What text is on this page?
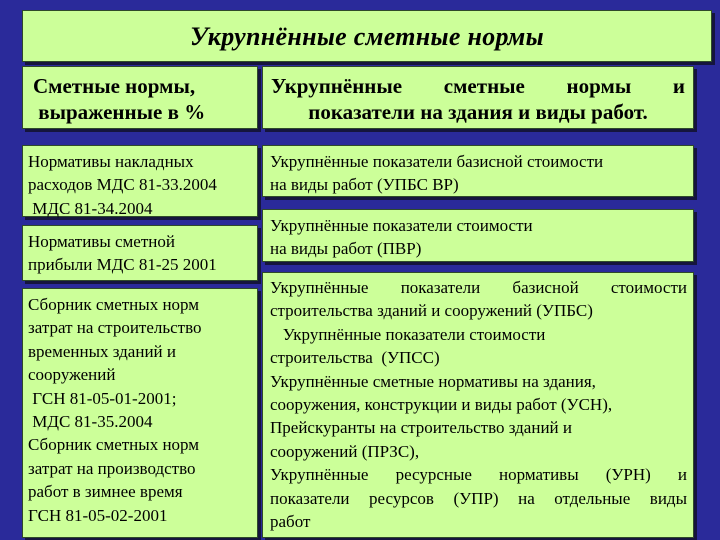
Укрупнённые сметные нормы
Сметные нормы,
выраженные в %
Укрупнённые сметные нормы и
показатели на здания и виды работ.
Нормативы накладных
расходов МДС 81-33.2004
МДС 81-34.2004
Нормативы сметной
прибыли МДС 81-25 2001
Сборник сметных норм
затрат на строительство
временных зданий и
сооружений
ГСН 81-05-01-2001;
МДС 81-35.2004
Сборник сметных норм
затрат на производство
работ в зимнее время
ГСН 81-05-02-2001
Укрупнённые показатели базисной стоимости
на виды работ (УПБС ВР)
Укрупнённые показатели стоимости
на виды работ (ПВР)
Укрупнённые показатели базисной стоимости
строительства зданий и сооружений (УПБС)
Укрупнённые показатели стоимости
строительства  (УПСС)
Укрупнённые сметные нормативы на здания,
сооружения, конструкции и виды работ (УСН),
Прейскуранты на строительство зданий и
сооружений (ПРЗС),
Укрупнённые ресурсные нормативы (УРН) и
показатели ресурсов (УПР) на отдельные виды
работ
